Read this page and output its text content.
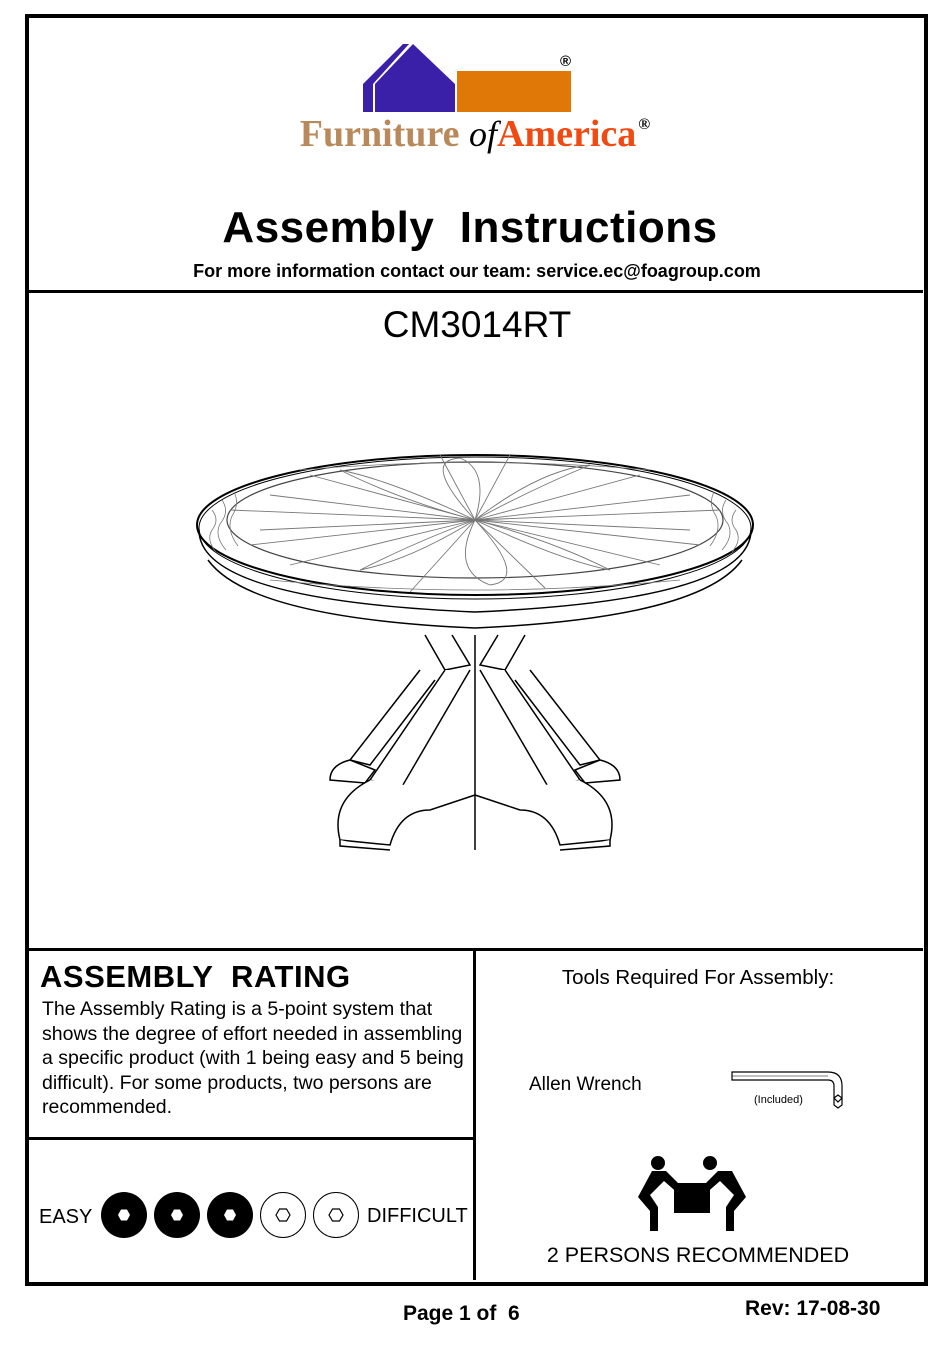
®
Furniture ofAmerica ®
Assembly  Instructions
For more information contact our team: service.ec@foagroup.com
CM3014RT
ASSEMBLY  RATING
The Assembly Rating is a 5-point system that shows the degree of effort needed in assembling a specific product (with 1 being easy and 5 being difficult). For some products, two persons are recommended.
EASY	DIFFICULT
Tools Required For Assembly:
Allen Wrench
(Included)
2 PERSONS RECOMMENDED
Page 1 of  6	Rev: 17-08-30
